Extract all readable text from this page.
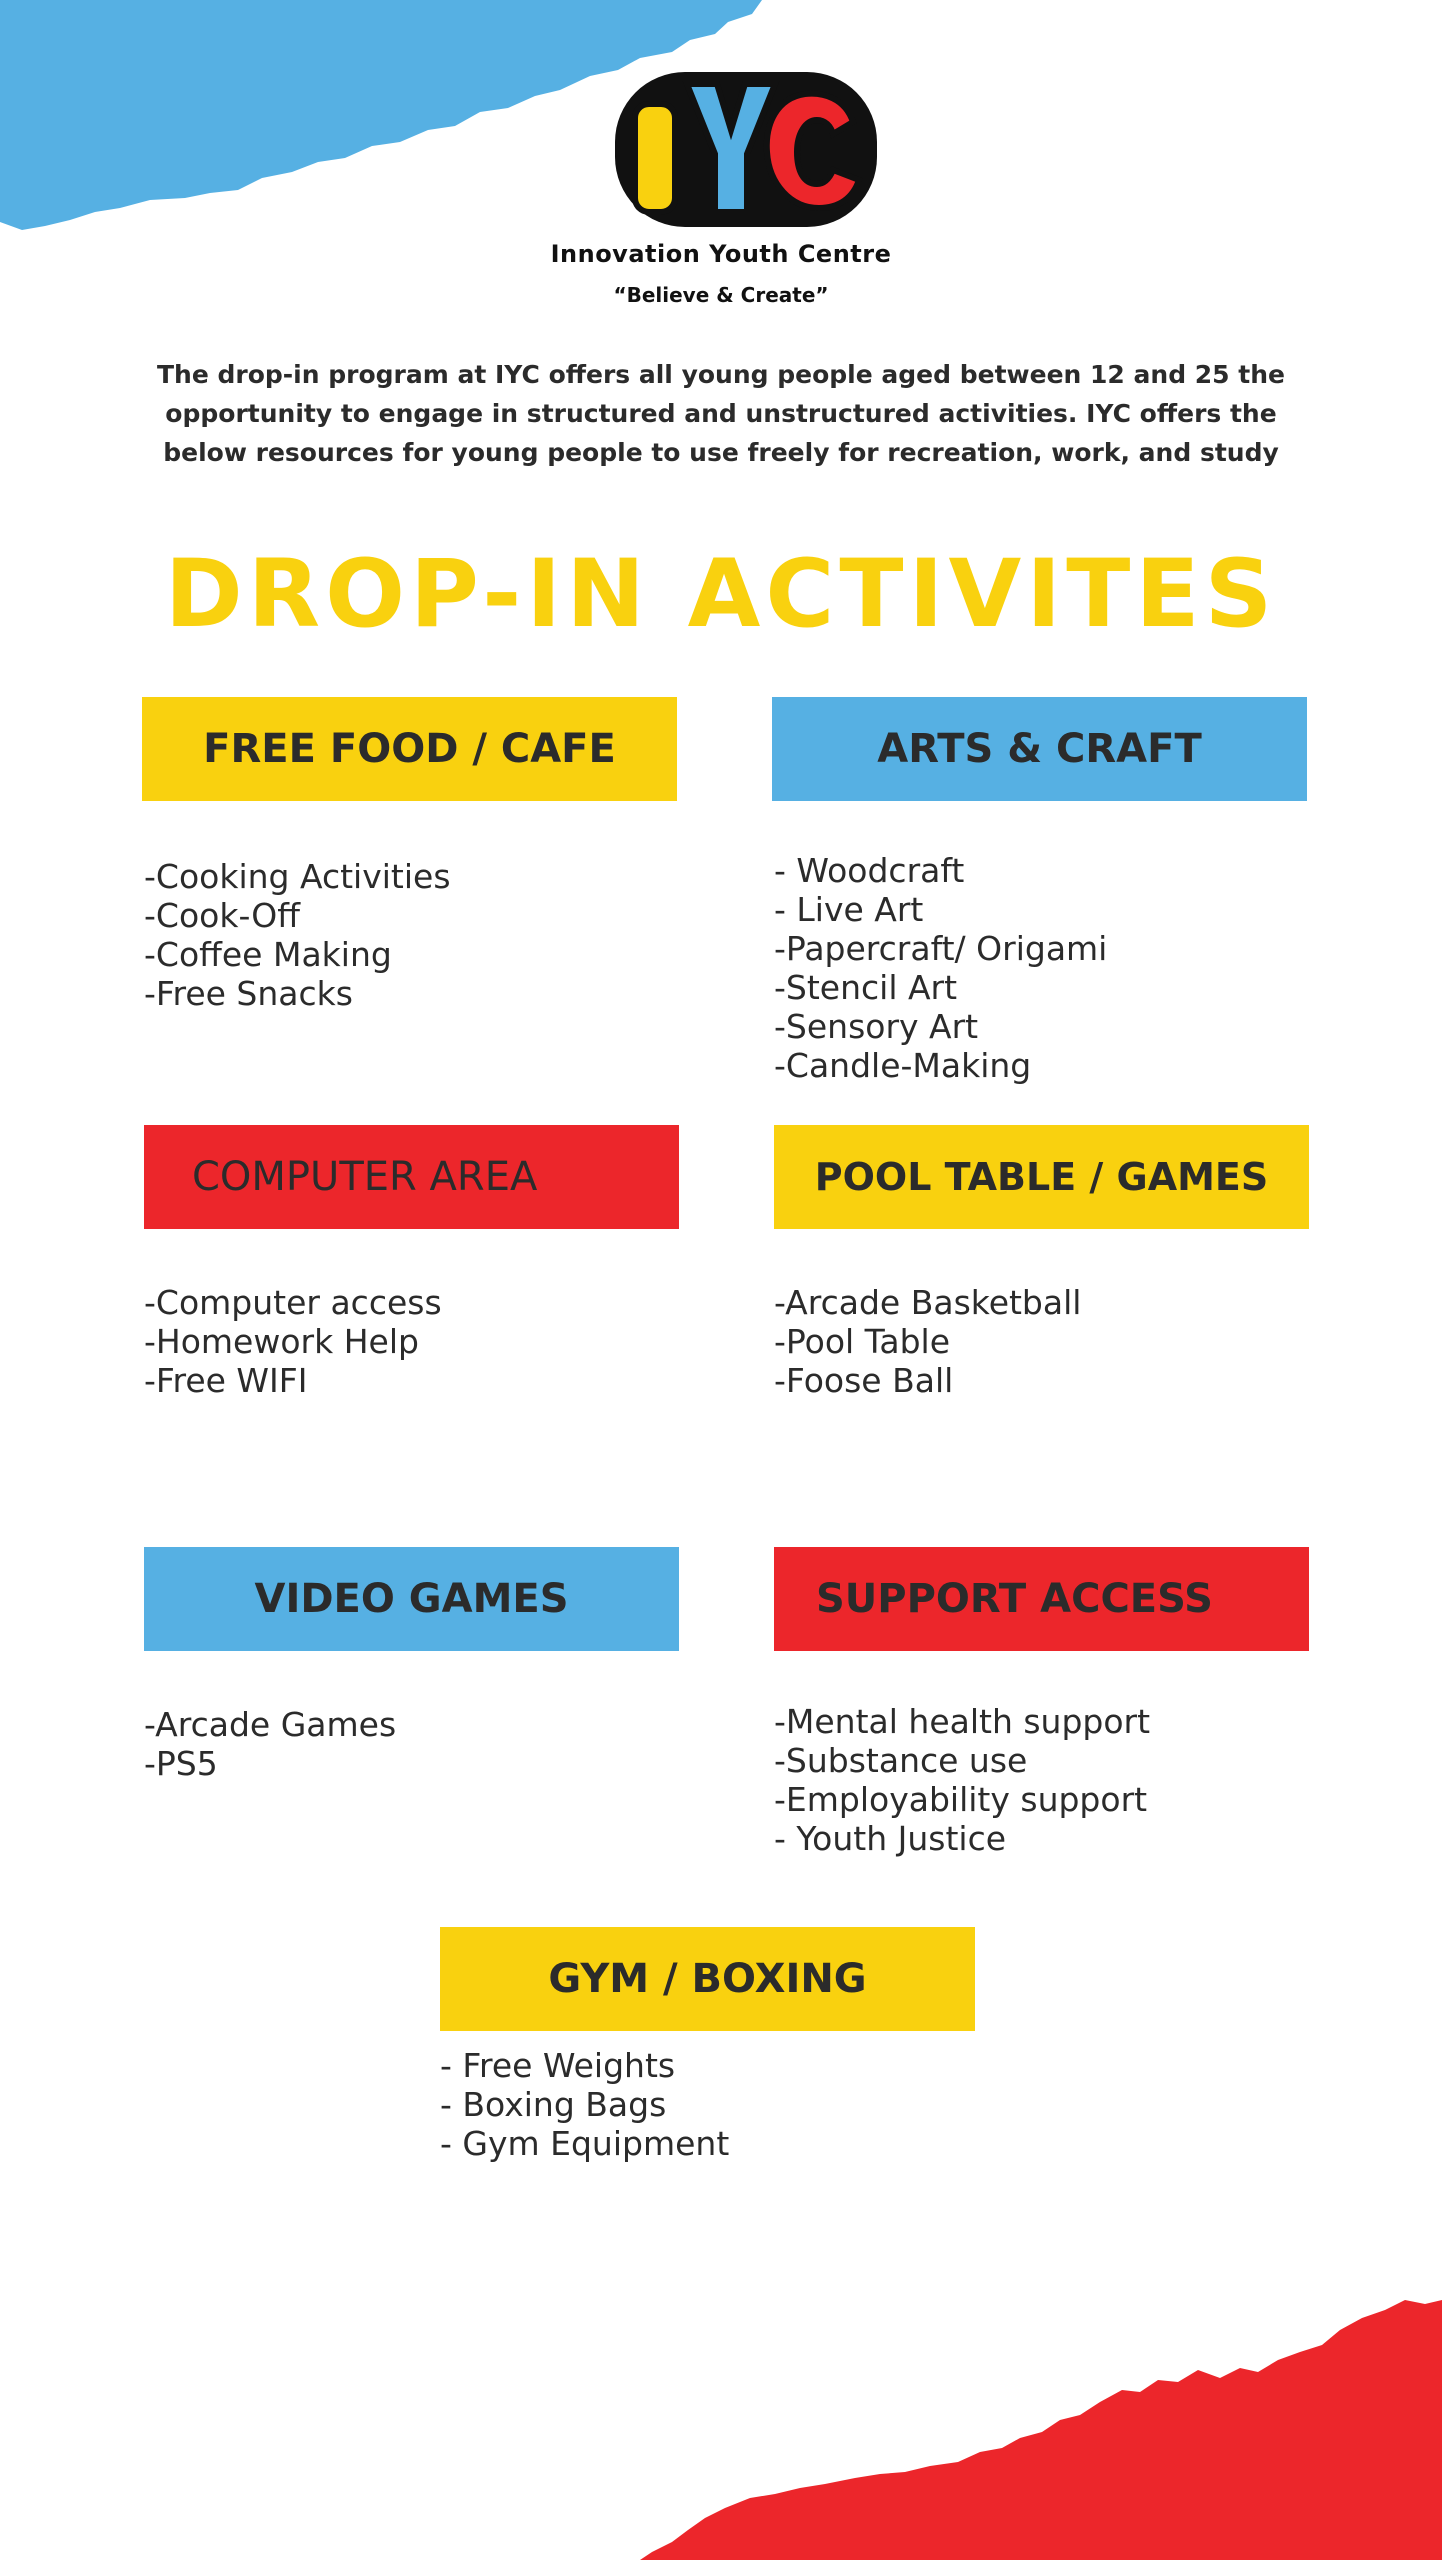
Innovation Youth Centre
“Believe & Create”
The drop-in program at IYC offers all young people aged between 12 and 25 the opportunity to engage in structured and unstructured activities. IYC offers the below resources for young people to use freely for recreation, work, and study
DROP-IN ACTIVITES
FREE FOOD / CAFE
-Cooking Activities
-Cook-Off
-Coffee Making
-Free Snacks
ARTS & CRAFT
- Woodcraft
- Live Art
-Papercraft/ Origami
-Stencil Art
-Sensory Art
-Candle-Making
COMPUTER AREA
-Computer access
-Homework Help
-Free WIFI
POOL TABLE / GAMES
-Arcade Basketball
-Pool Table
-Foose Ball
VIDEO GAMES
-Arcade Games
-PS5
SUPPORT ACCESS
-Mental health support
-Substance use
-Employability support
- Youth Justice
GYM / BOXING
- Free Weights
- Boxing Bags
- Gym Equipment
